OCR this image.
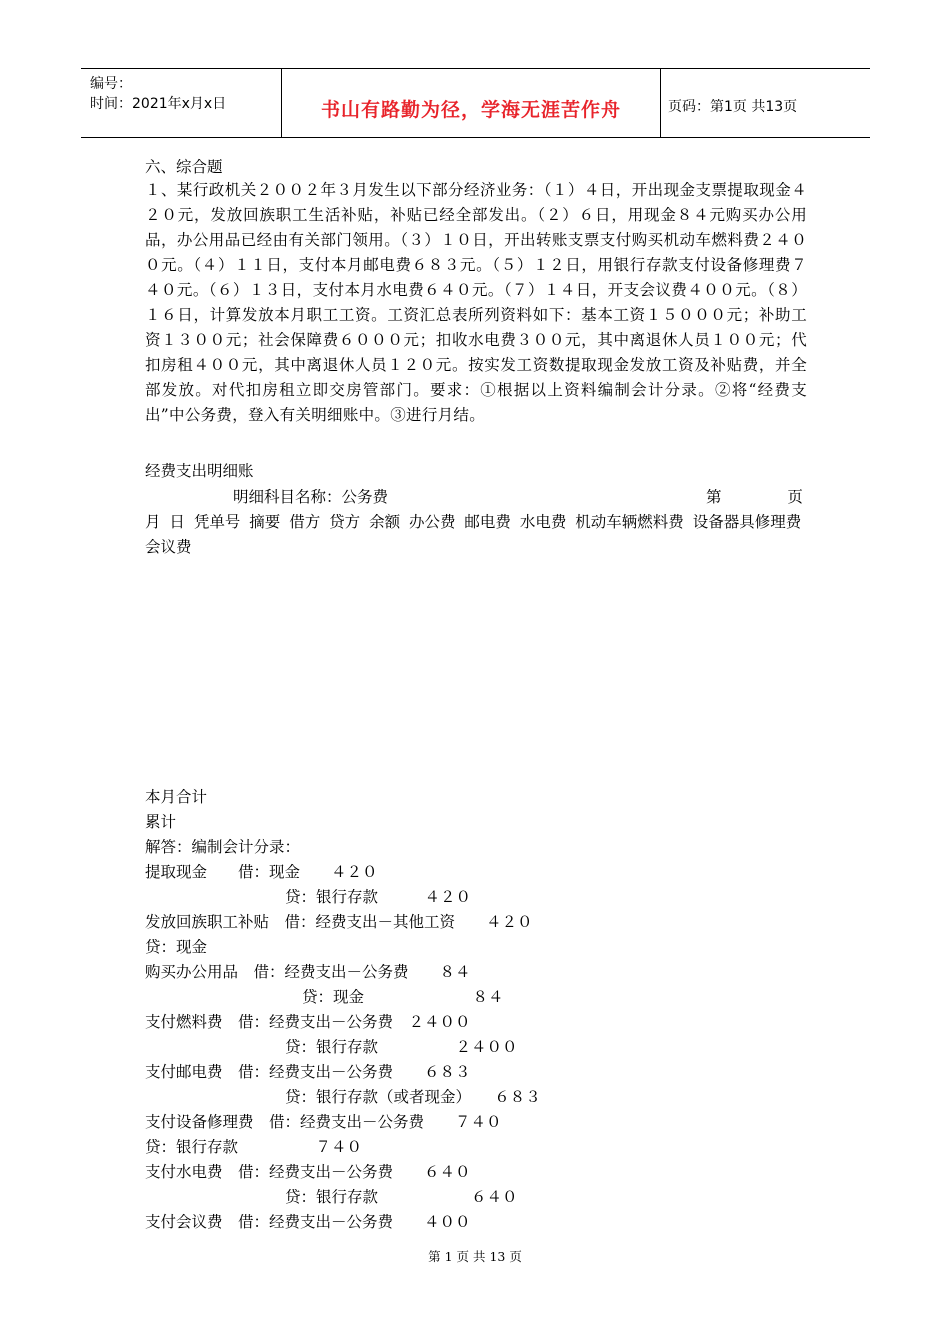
编号：
时间：2021年x月x日	书山有路勤为径，学海无涯苦作舟	页码：第1页 共13页
六、综合题
１、某行政机关２００２年３月发生以下部分经济业务：（１）４日，开出现金支票提取现金４２０元，发放回族职工生活补贴，补贴已经全部发出。（２）６日，用现金８４元购买办公用品，办公用品已经由有关部门领用。（３）１０日，开出转账支票支付购买机动车燃料费２４００元。（４）１１日，支付本月邮电费６８３元。（５）１２日，用银行存款支付设备修理费７４０元。（６）１３日，支付本月水电费６４０元。（７）１４日，开支会议费４００元。（８）１６日，计算发放本月职工工资。工资汇总表所列资料如下：基本工资１５０００元；补助工资１３００元；社会保障费６０００元；扣收水电费３００元，其中离退休人员１００元；代扣房租４００元，其中离退休人员１２０元。按实发工资数提取现金发放工资及补贴费，并全部发放。对代扣房租立即交房管部门。要求：①根据以上资料编制会计分录。②将“经费支出”中公务费，登入有关明细账中。③进行月结。
经费支出明细账
明细科目名称：公务费	第	页
月 日 凭单号 摘要 借方 贷方 余额 办公费 邮电费 水电费 机动车辆燃料费 设备器具修理费 会议费
本月合计
累计
解答：编制会计分录：
提取现金　　借：现金　　４２０
贷：银行存款　　　４２０
发放回族职工补贴　借：经费支出－其他工资　　４２０
贷：现金
购买办公用品　借：经费支出－公务费　　８４
贷：现金　　　　　　　８４
支付燃料费　借：经费支出－公务费　２４００
贷：银行存款　　　　　２４００
支付邮电费　借：经费支出－公务费　　６８３
贷：银行存款（或者现金）　　６８３
支付设备修理费　借：经费支出－公务费　　７４０
贷：银行存款　　　　　７４０
支付水电费　借：经费支出－公务费　　６４０
贷：银行存款　　　　　　６４０
支付会议费　借：经费支出－公务费　　４００
第 1 页 共 13 页
